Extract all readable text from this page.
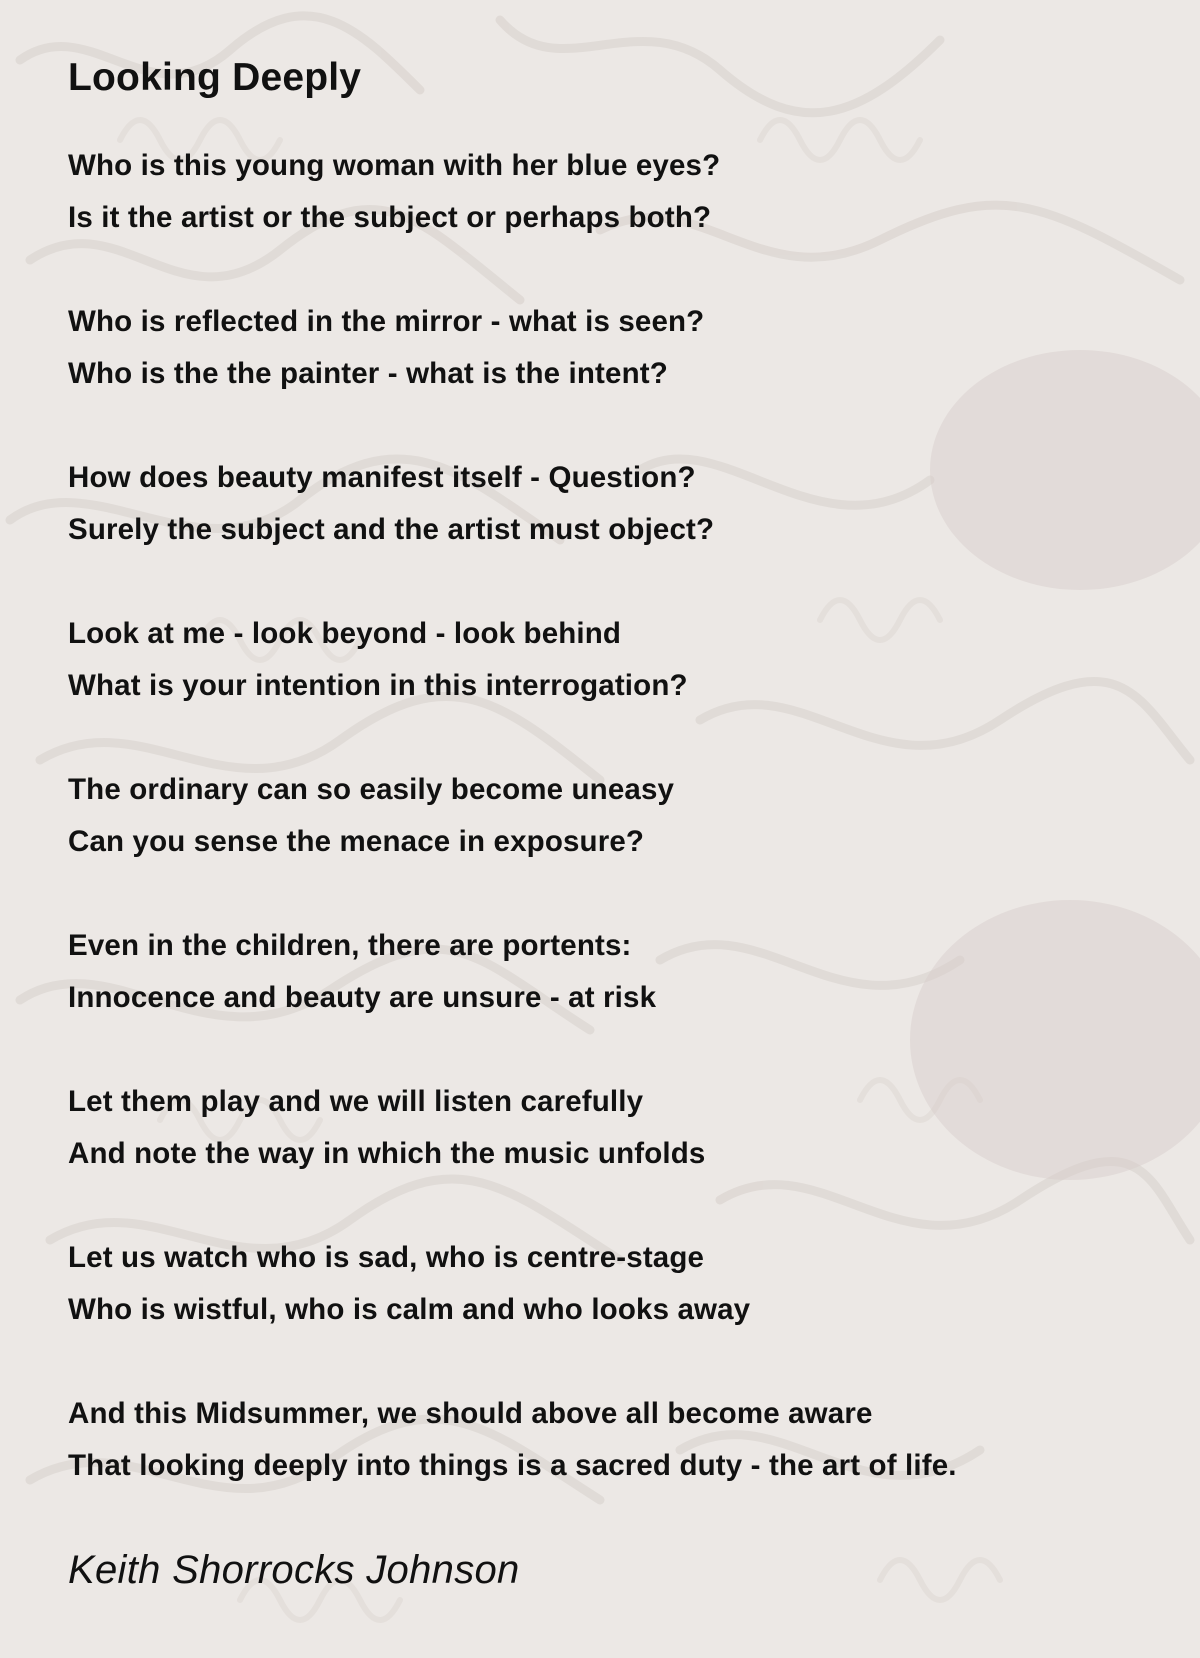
Looking Deeply
Who is this young woman with her blue eyes?
Is it the artist or the subject or perhaps both?
Who is reflected in the mirror - what is seen?
Who is the the painter - what is the intent?
How does beauty manifest itself - Question?
Surely the subject and the artist must object?
Look at me - look beyond - look behind
What is your intention in this interrogation?
The ordinary can so easily become uneasy
Can you sense the menace in exposure?
Even in the children, there are portents:
Innocence and beauty are unsure - at risk
Let them play and we will listen carefully
And note the way in which the music unfolds
Let us watch who is sad, who is centre-stage
Who is wistful, who is calm and who looks away
And this Midsummer, we should above all become aware
That looking deeply into things is a sacred duty - the art of life.
Keith Shorrocks Johnson
